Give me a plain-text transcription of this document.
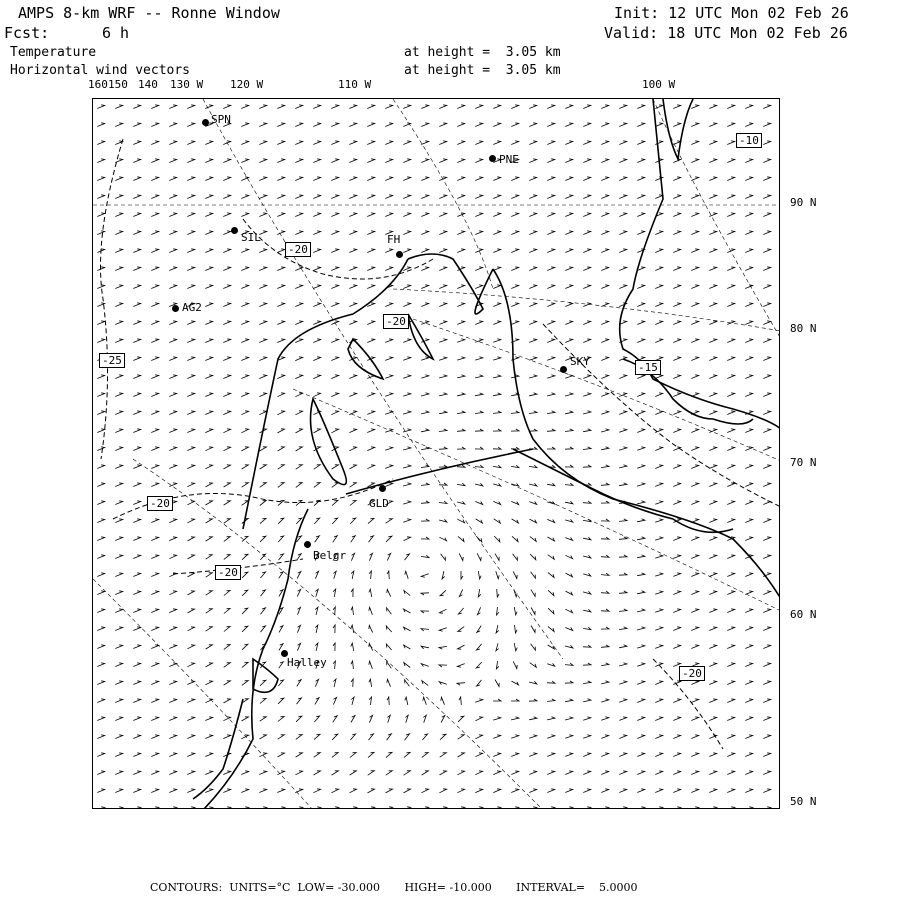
AMPS 8-km WRF -- Ronne Window
Fcst:	6 h
Init: 12 UTC Mon 02 Feb 26
Valid: 18 UTC Mon 02 Feb 26
Temperature	at height =  3.05 km
Horizontal wind vectors	at height =  3.05 km
160 150 140 130 W 120 W	110 W	100 W
90 N
80 N
70 N
60 N
50 N
-10
-20
-20
-25
-15
-20
-20
-20
SPN
PNE
SIL	FH
AG2
SKY
GLD
Belgr
Halley
CONTOURS:  UNITS=°C  LOW= -30.000       HIGH= -10.000       INTERVAL=    5.0000
